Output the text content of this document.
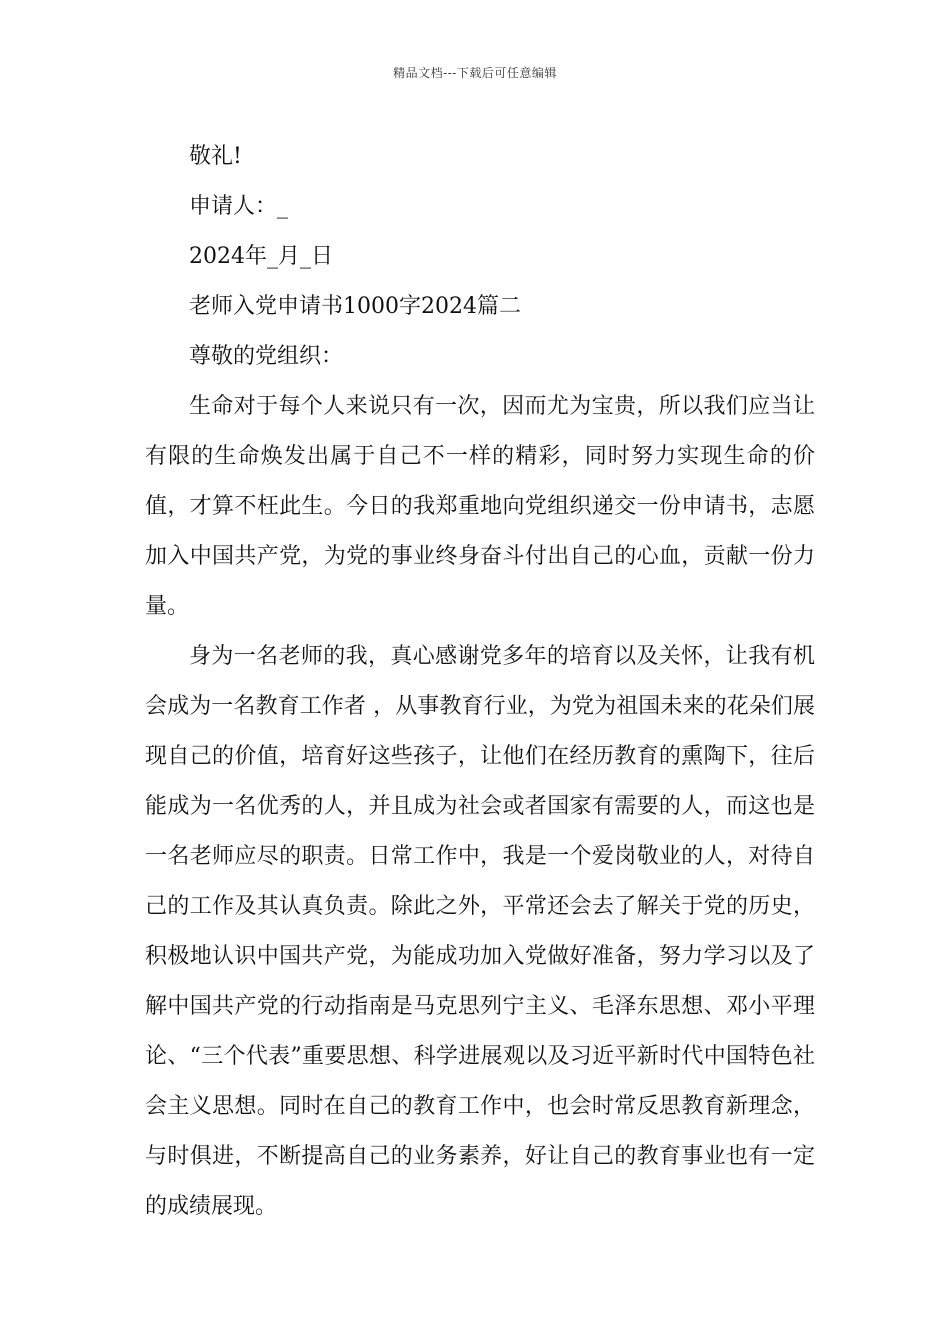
精品文档---下载后可任意编辑

敬礼!

申请人：_

2024年_月_日

老师入党申请书1000字2024篇二

尊敬的党组织：

生命对于每个人来说只有一次，因而尤为宝贵，所以我们应当让有限的生命焕发出属于自己不一样的精彩，同时努力实现生命的价值，才算不枉此生。今日的我郑重地向党组织递交一份申请书，志愿加入中国共产党，为党的事业终身奋斗付出自己的心血，贡献一份力量。

身为一名老师的我，真心感谢党多年的培育以及关怀，让我有机会成为一名教育工作者 ，从事教育行业，为党为祖国未来的花朵们展现自己的价值，培育好这些孩子，让他们在经历教育的熏陶下，往后能成为一名优秀的人，并且成为社会或者国家有需要的人，而这也是一名老师应尽的职责。日常工作中，我是一个爱岗敬业的人，对待自己的工作及其认真负责。除此之外，平常还会去了解关于党的历史，积极地认识中国共产党，为能成功加入党做好准备，努力学习以及了解中国共产党的行动指南是马克思列宁主义、毛泽东思想、邓小平理论、“三个代表”重要思想、科学进展观以及习近平新时代中国特色社会主义思想。同时在自己的教育工作中，也会时常反思教育新理念，与时俱进，不断提高自己的业务素养，好让自己的教育事业也有一定的成绩展现。
